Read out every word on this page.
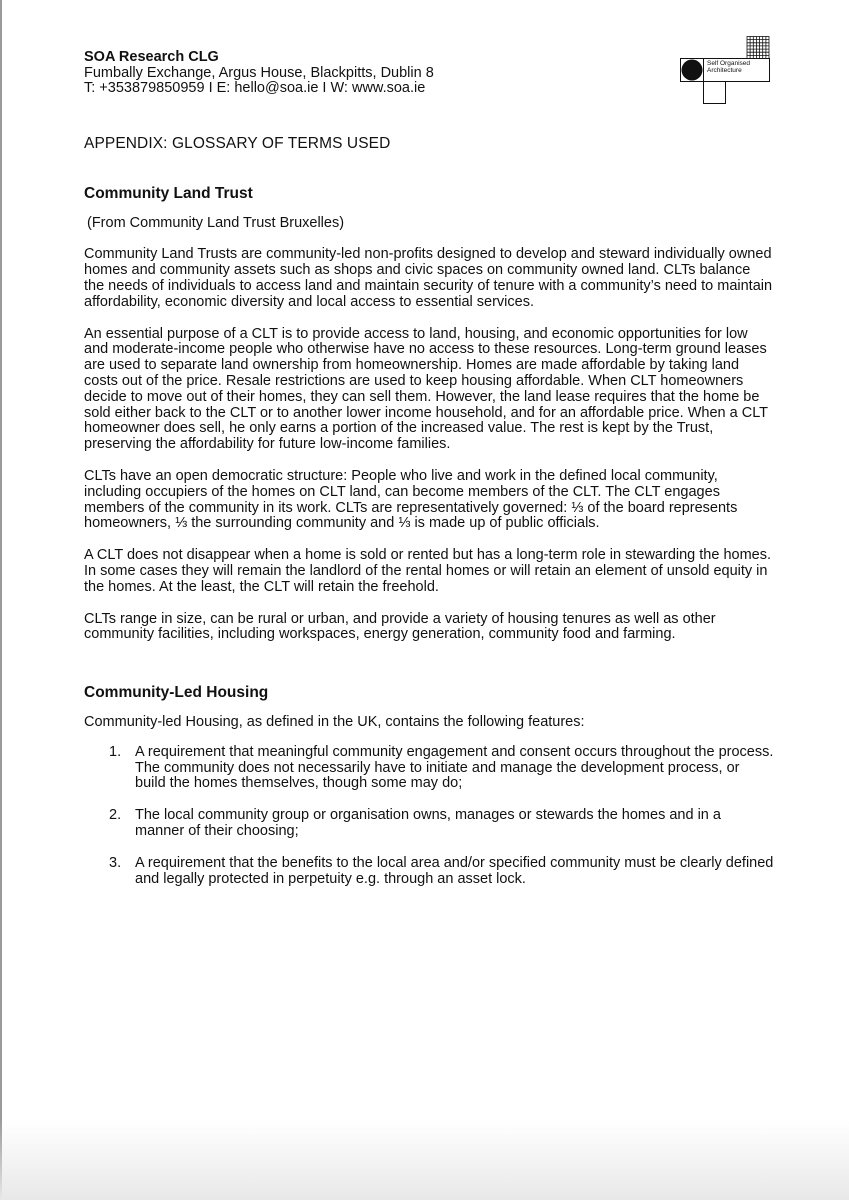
SOA Research CLG
Fumbally Exchange, Argus House, Blackpitts, Dublin 8
T: +353879850959 I E: hello@soa.ie I W: www.soa.ie
Self Organised
Architecture
APPENDIX: GLOSSARY OF TERMS USED
Community Land Trust
(From Community Land Trust Bruxelles)

Community Land Trusts are community-led non-profits designed to develop and steward individually owned homes and community assets such as shops and civic spaces on community owned land. CLTs balance the needs of individuals to access land and maintain security of tenure with a community’s need to maintain affordability, economic diversity and local access to essential services.

An essential purpose of a CLT is to provide access to land, housing, and economic opportunities for low and moderate-income people who otherwise have no access to these resources. Long-term ground leases are used to separate land ownership from homeownership. Homes are made affordable by taking land costs out of the price. Resale restrictions are used to keep housing affordable. When CLT homeowners decide to move out of their homes, they can sell them. However, the land lease requires that the home be sold either back to the CLT or to another lower income household, and for an affordable price. When a CLT homeowner does sell, he only earns a portion of the increased value. The rest is kept by the Trust, preserving the affordability for future low-income families.

CLTs have an open democratic structure: People who live and work in the defined local community, including occupiers of the homes on CLT land, can become members of the CLT. The CLT engages members of the community in its work. CLTs are representatively governed: ⅓ of the board represents homeowners, ⅓ the surrounding community and ⅓ is made up of public officials.

A CLT does not disappear when a home is sold or rented but has a long-term role in stewarding the homes. In some cases they will remain the landlord of the rental homes or will retain an element of unsold equity in the homes. At the least, the CLT will retain the freehold.

CLTs range in size, can be rural or urban, and provide a variety of housing tenures as well as other community facilities, including workspaces, energy generation, community food and farming.

Community-Led Housing
Community-led Housing, as defined in the UK, contains the following features:
1. A requirement that meaningful community engagement and consent occurs throughout the process. The community does not necessarily have to initiate and manage the development process, or build the homes themselves, though some may do;
2. The local community group or organisation owns, manages or stewards the homes and in a manner of their choosing;
3. A requirement that the benefits to the local area and/or specified community must be clearly defined and legally protected in perpetuity e.g. through an asset lock.
